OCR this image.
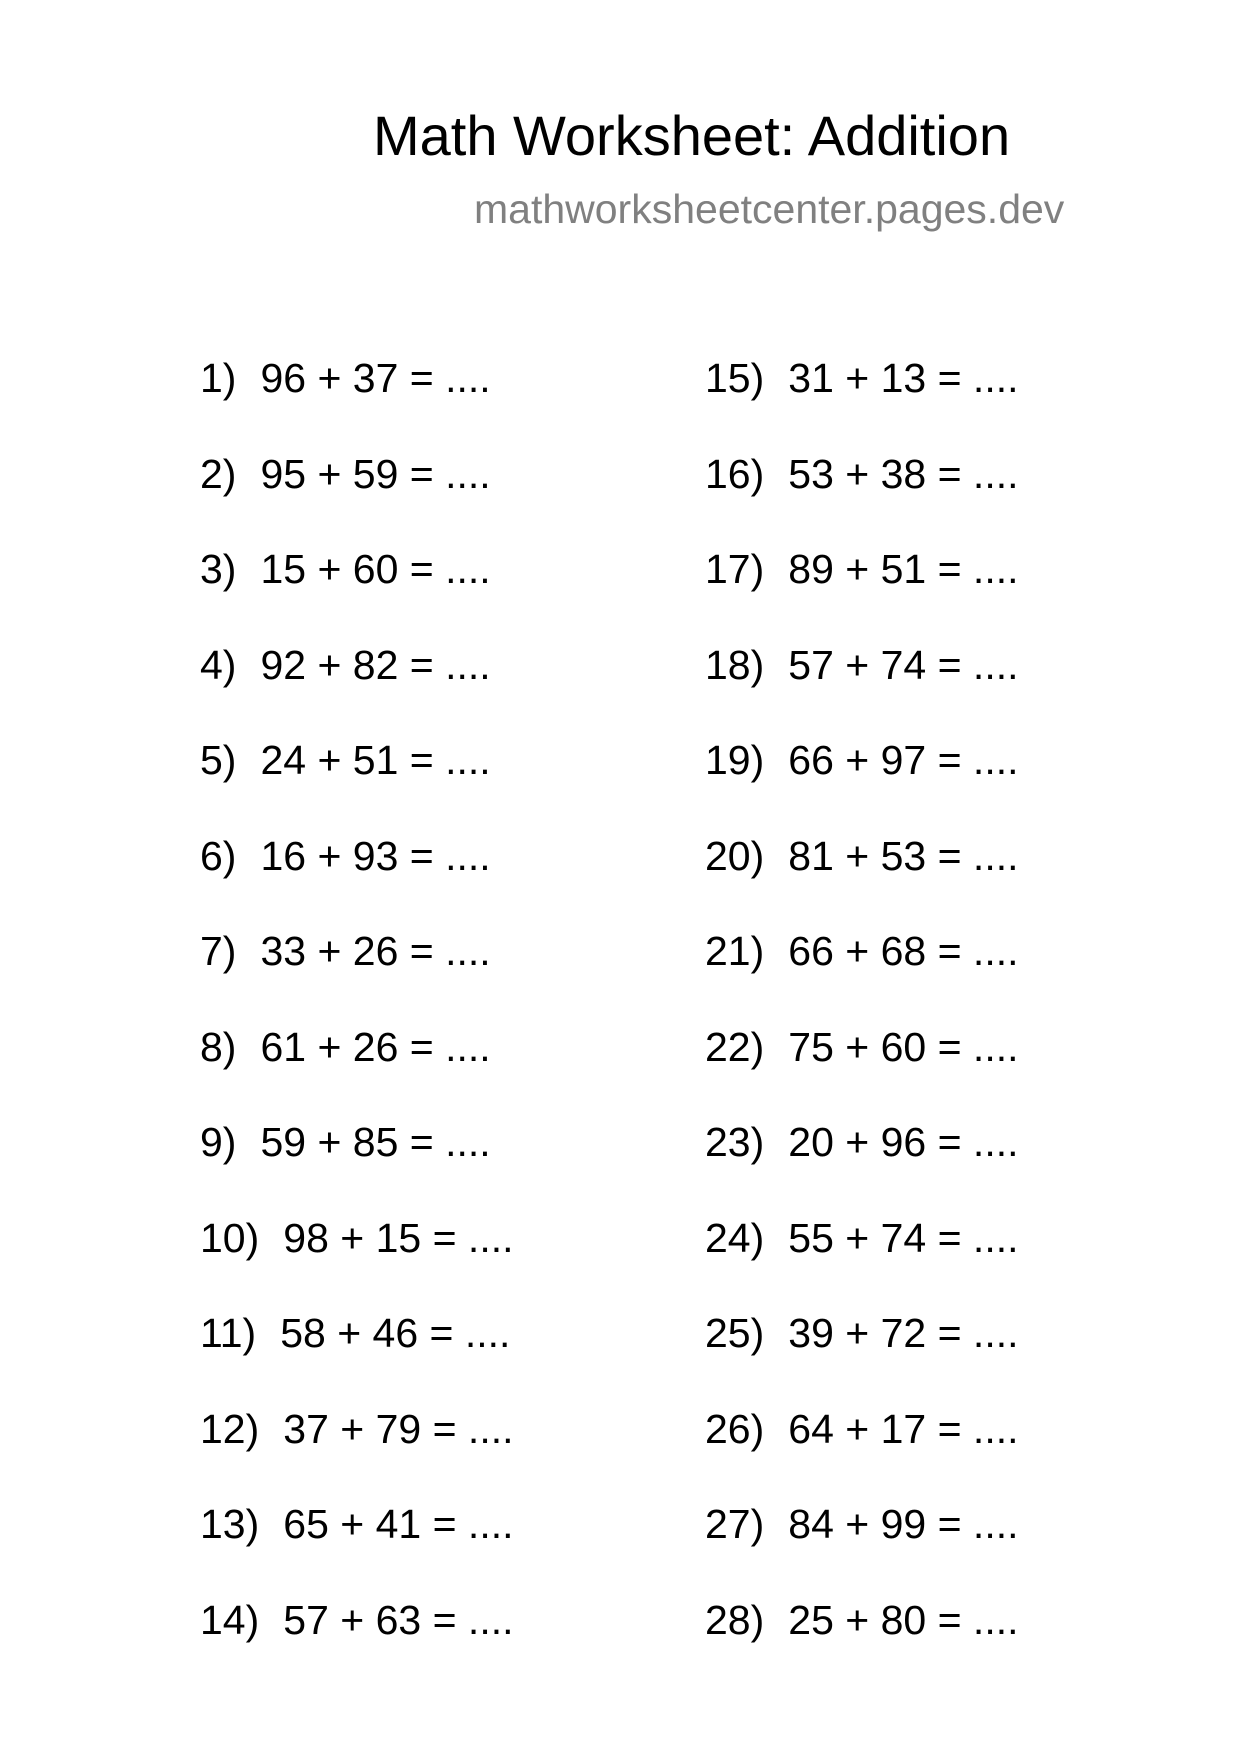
Math Worksheet: Addition
mathworksheetcenter.pages.dev
1) 96 + 37 = ....
2) 95 + 59 = ....
3) 15 + 60 = ....
4) 92 + 82 = ....
5) 24 + 51 = ....
6) 16 + 93 = ....
7) 33 + 26 = ....
8) 61 + 26 = ....
9) 59 + 85 = ....
10) 98 + 15 = ....
11) 58 + 46 = ....
12) 37 + 79 = ....
13) 65 + 41 = ....
14) 57 + 63 = ....
15) 31 + 13 = ....
16) 53 + 38 = ....
17) 89 + 51 = ....
18) 57 + 74 = ....
19) 66 + 97 = ....
20) 81 + 53 = ....
21) 66 + 68 = ....
22) 75 + 60 = ....
23) 20 + 96 = ....
24) 55 + 74 = ....
25) 39 + 72 = ....
26) 64 + 17 = ....
27) 84 + 99 = ....
28) 25 + 80 = ....
